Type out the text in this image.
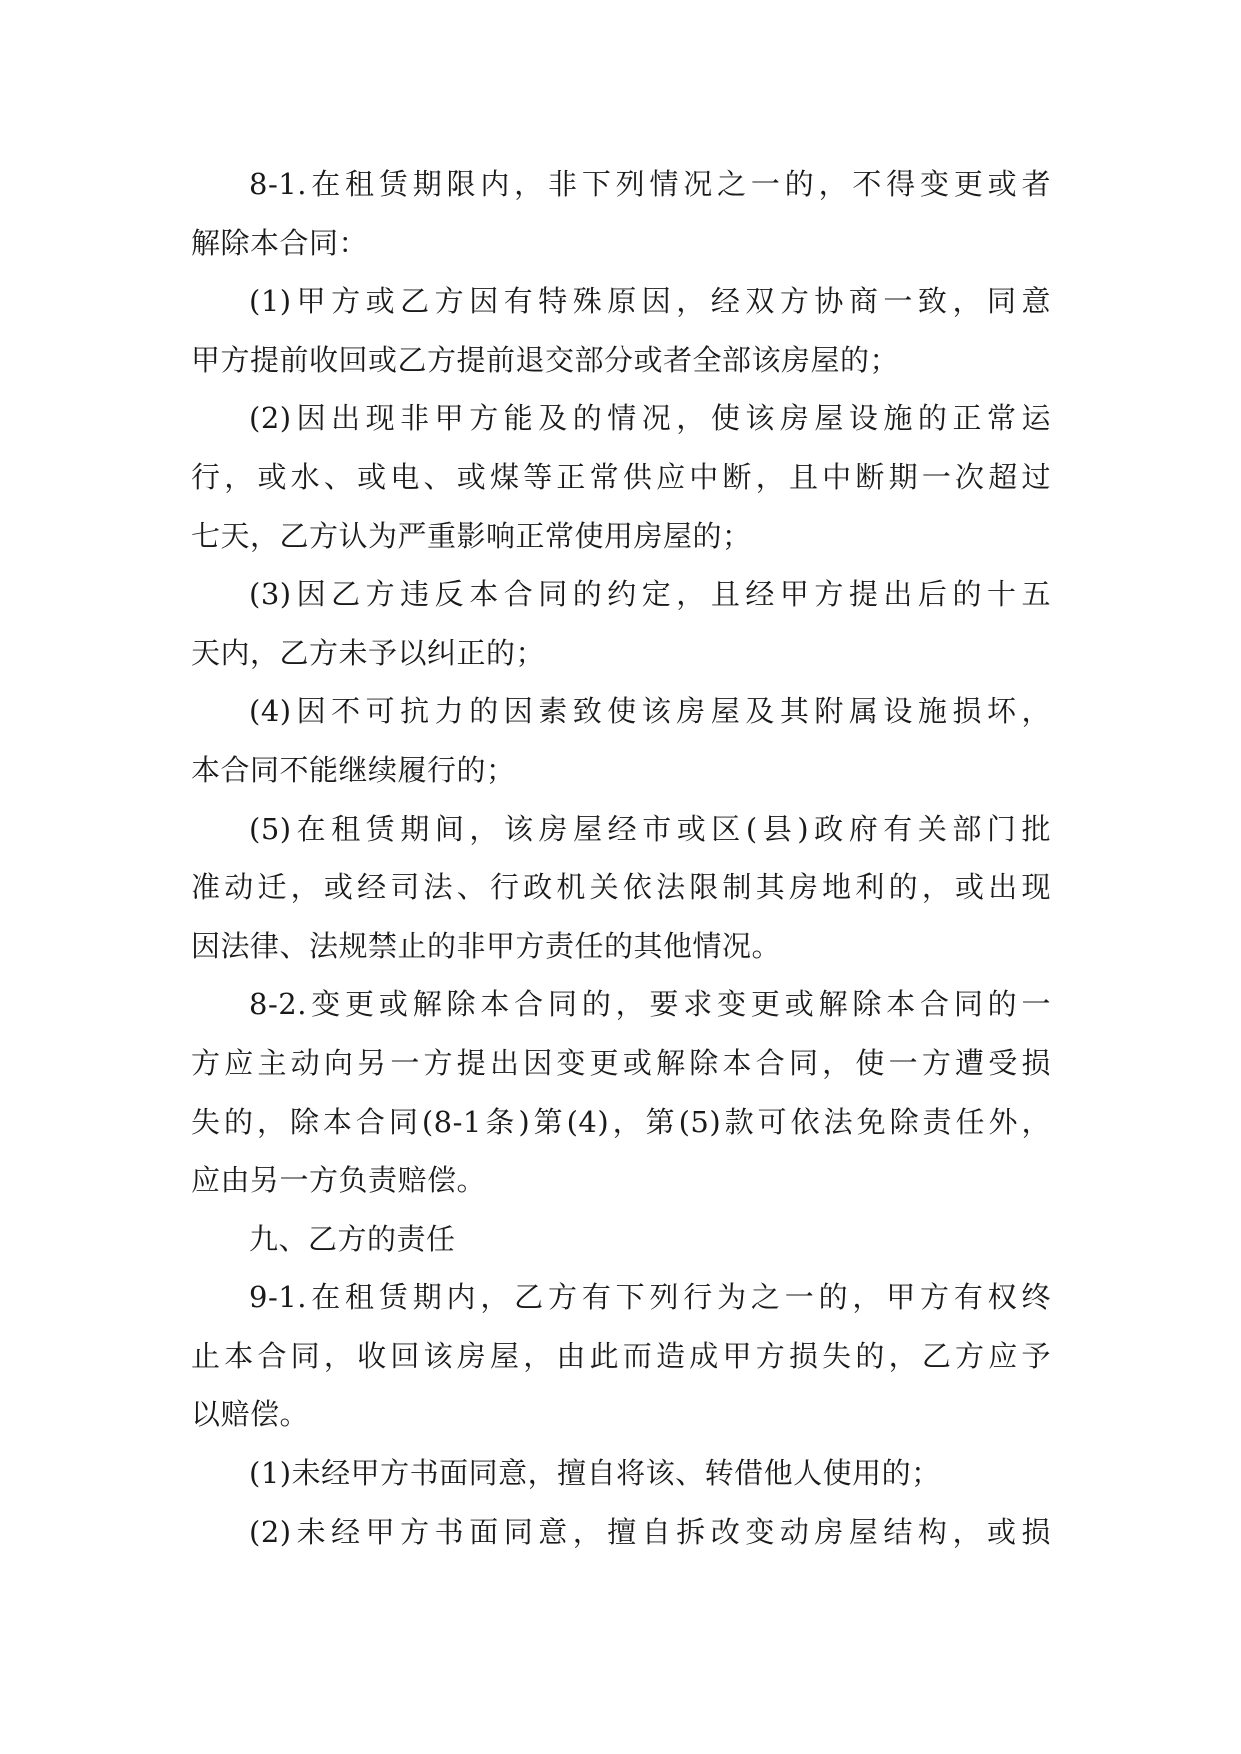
8-1.在租赁期限内，非下列情况之一的，不得变更或者
解除本合同：
(1)甲方或乙方因有特殊原因，经双方协商一致，同意
甲方提前收回或乙方提前退交部分或者全部该房屋的；
(2)因出现非甲方能及的情况，使该房屋设施的正常运
行，或水、或电、或煤等正常供应中断，且中断期一次超过
七天，乙方认为严重影响正常使用房屋的；
(3)因乙方违反本合同的约定，且经甲方提出后的十五
天内，乙方未予以纠正的；
(4)因不可抗力的因素致使该房屋及其附属设施损坏，
本合同不能继续履行的；
(5)在租赁期间，该房屋经市或区(县)政府有关部门批
准动迁，或经司法、行政机关依法限制其房地利的，或出现
因法律、法规禁止的非甲方责任的其他情况。
8-2.变更或解除本合同的，要求变更或解除本合同的一
方应主动向另一方提出因变更或解除本合同，使一方遭受损
失的，除本合同(8-1条)第(4)，第(5)款可依法免除责任外，
应由另一方负责赔偿。
九、乙方的责任
9-1.在租赁期内，乙方有下列行为之一的，甲方有权终
止本合同，收回该房屋，由此而造成甲方损失的，乙方应予
以赔偿。
(1)未经甲方书面同意，擅自将该、转借他人使用的；
(2)未经甲方书面同意，擅自拆改变动房屋结构，或损
